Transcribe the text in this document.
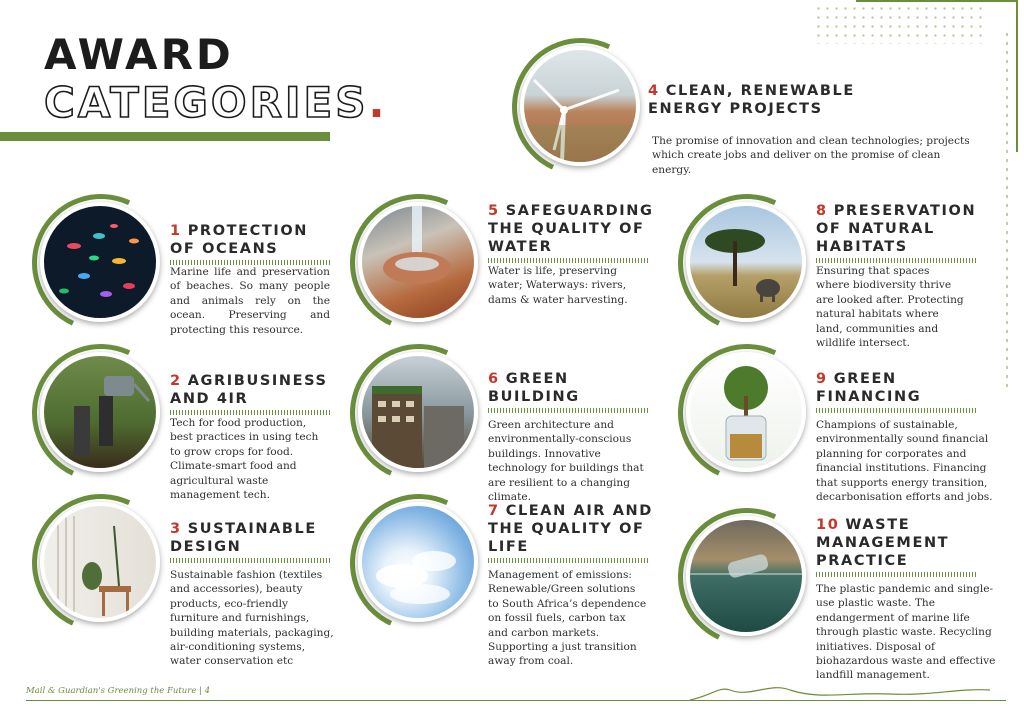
AWARD
CATEGORIES.	4 CLEAN, RENEWABLE ENERGY PROJECTS
The promise of innovation and clean technologies; projects which create jobs and deliver on the promise of clean energy.
1 PROTECTION OF OCEANS
Marine life and preservation of beaches. So many people and animals rely on the ocean. Preserving and protecting this resource.
5 SAFEGUARDING THE QUALITY OF WATER
Water is life, preserving water; Waterways: rivers, dams & water harvesting.
8 PRESERVATION OF NATURAL HABITATS
Ensuring that spaces where biodiversity thrive are looked after. Protecting natural habitats where land, communities and wildlife intersect.
2 AGRIBUSINESS AND 4IR
Tech for food production, best practices in using tech to grow crops for food. Climate-smart food and agricultural waste management tech.
6 GREEN BUILDING
Green architecture and environmentally-conscious buildings. Innovative technology for buildings that are resilient to a changing climate.
9 GREEN FINANCING
Champions of sustainable, environmentally sound financial planning for corporates and financial institutions. Financing that supports energy transition, decarbonisation efforts and jobs.
3 SUSTAINABLE DESIGN
Sustainable fashion (textiles and accessories), beauty products, eco-friendly furniture and furnishings, building materials, packaging, air-conditioning systems, water conservation etc
7 CLEAN AIR AND THE QUALITY OF LIFE
Management of emissions: Renewable/Green solutions to South Africa’s dependence on fossil fuels, carbon tax and carbon markets. Supporting a just transition away from coal.
10 WASTE MANAGEMENT PRACTICE
The plastic pandemic and single-use plastic waste. The endangerment of marine life through plastic waste. Recycling initiatives. Disposal of biohazardous waste and effective landfill management.
Mail & Guardian's Greening the Future | 4
